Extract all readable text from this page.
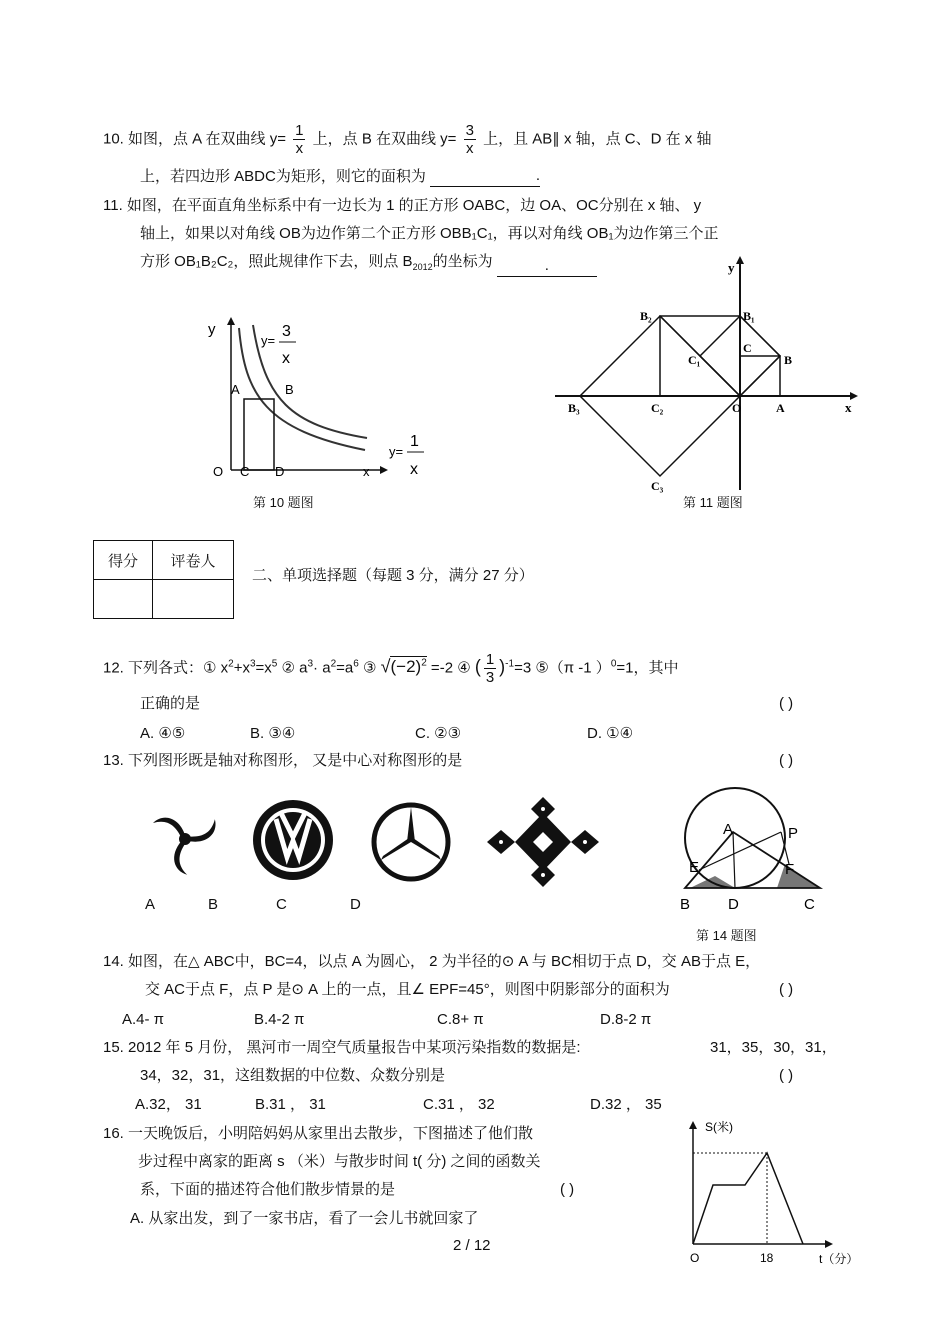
10. 如图，点 A 在双曲线 $y= \frac{1}{x}$ 上，点 B 在双曲线 $y= \frac{3}{x}$ 上，且 AB∥ x 轴，点 C、D 在 x 轴
上，若四边形 ABDC为矩形，则它的面积为	.
11. 如图，在平面直角坐标系中有一边长为 1 的正方形 OABC，边 OA、OC分别在 x 轴、 y
轴上，如果以对角线 OB为边作第二个正方形 OBB₁C₁，再以对角线 OB₁为边作第三个正
方形 OB₁B₂C₂，照此规律作下去，则点 $B_{2012}$的坐标为	.
y
x
O
A	B
C D
y=
3
x
y=
1
x
第 10 题图
x
y
O	A
B
C
B₁
C₁
B₂
C₂
B₃
C₃
第 11 题图
得分	评卷人

二、单项选择题（每题 3 分，满分 27 分）
12. 下列各式：① $x^2+x^3=x^5$ ② $a^3\cdot a^2=a^6$ ③ $√(-2)^2 =-2$ ④ ( $\frac{1}{3} )^{-1}=3$ ⑤（π -1 ）$^0$=1，其中
正确的是	( )
A. ④⑤	B. ③④	C. ②③	D. ①④
13. 下列图形既是轴对称图形， 又是中心对称图形的是	( )
A	B	C	D
A	P
E	F
B	D	C
第 14 题图
14. 如图，在△ ABC中，BC=4，以点 A 为圆心， 2 为半径的⊙ A 与 BC相切于点 D，交 AB于点 E，
交 AC于点 F，点 P 是⊙ A 上的一点，且∠ EPF=45°，则图中阴影部分的面积为	( )
A.4- π	B.4-2 π	C.8+ π	D.8-2 π
15. 2012 年 5 月份， 黑河市一周空气质量报告中某项污染指数的数据是:	31，35，30，31，
34，32，31，这组数据的中位数、众数分别是	( )
A.32， 31	B.31 ， 31	C.31 ， 32	D.32 ， 35
16. 一天晚饭后，小明陪妈妈从家里出去散步，下图描述了他们散
步过程中离家的距离 s （米）与散步时间 t( 分) 之间的函数关
系，下面的描述符合他们散步情景的是	( )
A. 从家出发，到了一家书店，看了一会儿书就回家了
S(米)
t（分）
O	18
2 / 12
